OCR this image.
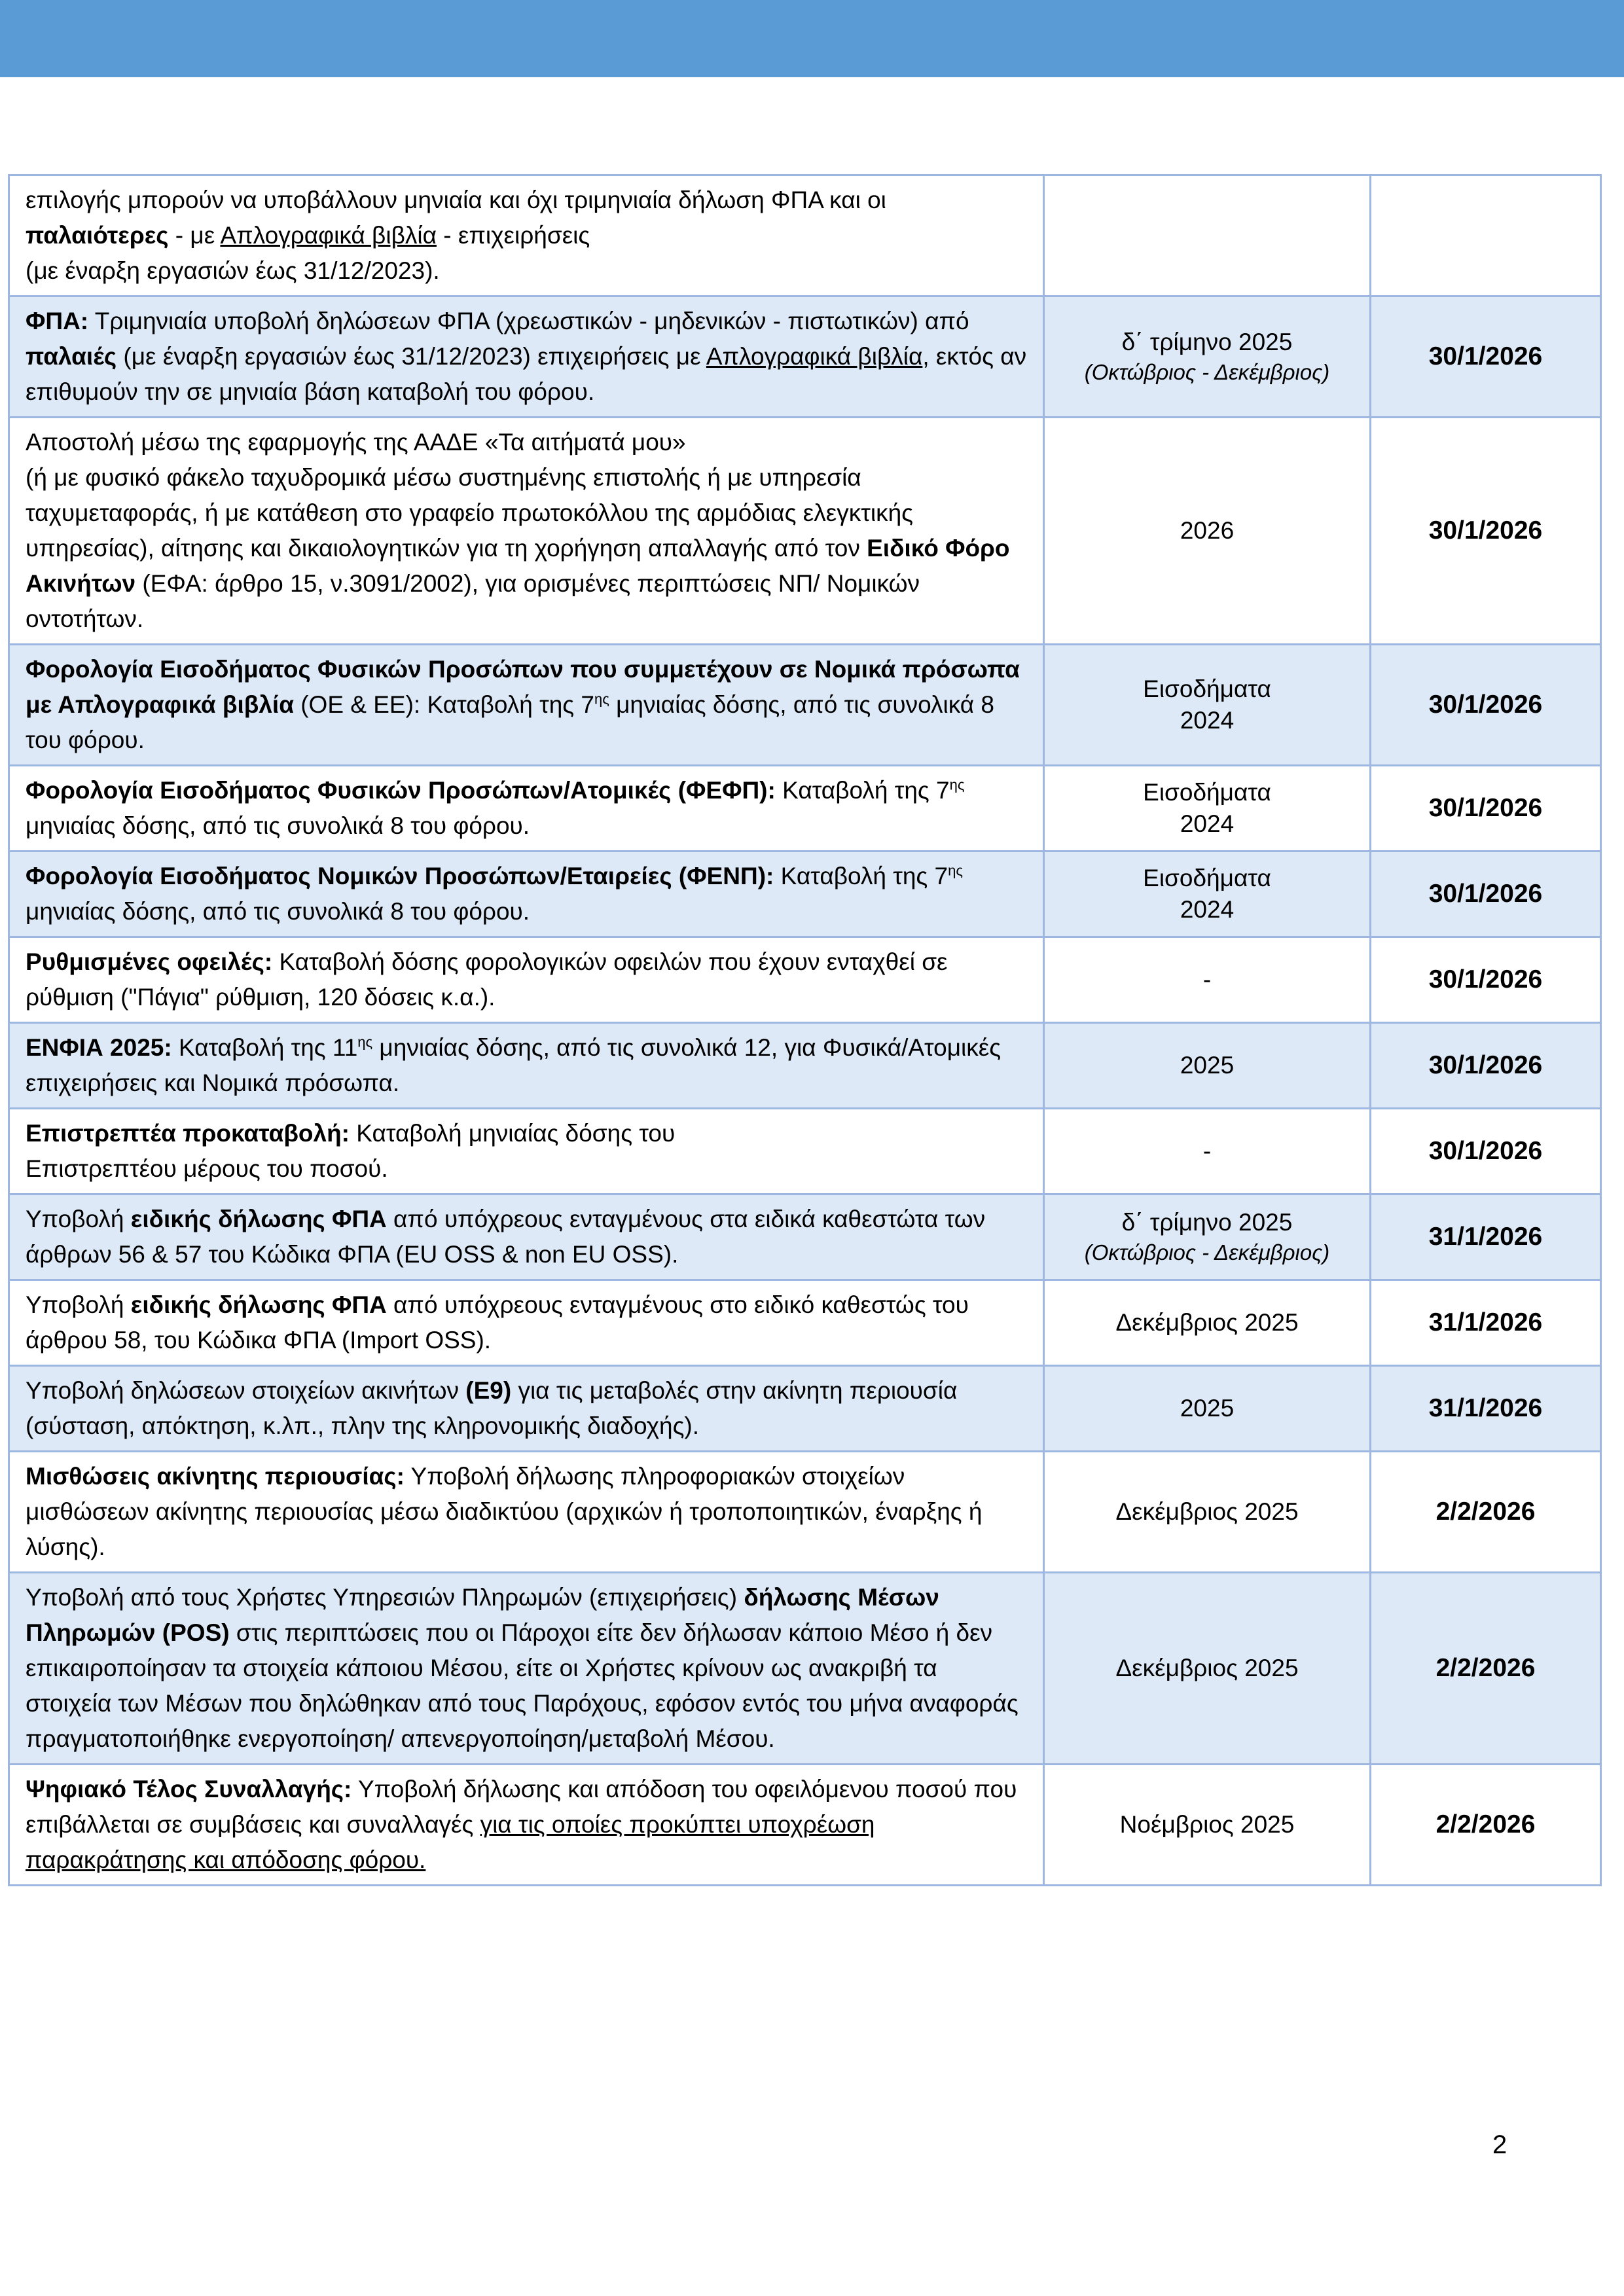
επιλογής μπορούν να υποβάλλουν μηνιαία και όχι τριμηνιαία δήλωση ΦΠΑ και οι παλαιότερες - με Απλογραφικά βιβλία - επιχειρήσεις
(με έναρξη εργασιών έως 31/12/2023).	

ΦΠΑ: Τριμηνιαία υποβολή δηλώσεων ΦΠΑ (χρεωστικών - μηδενικών - πιστωτικών) από παλαιές (με έναρξη εργασιών έως 31/12/2023) επιχειρήσεις με Απλογραφικά βιβλία, εκτός αν επιθυμούν την σε μηνιαία βάση καταβολή του φόρου.	δ΄ τρίμηνο 2025
(Οκτώβριος - Δεκέμβριος)	30/1/2026
Αποστολή μέσω της εφαρμογής της ΑΑΔΕ «Τα αιτήματά μου»
(ή με φυσικό φάκελο ταχυδρομικά μέσω συστημένης επιστολής ή με υπηρεσία ταχυμεταφοράς, ή με κατάθεση στο γραφείο πρωτοκόλλου της αρμόδιας ελεγκτικής υπηρεσίας), αίτησης και δικαιολογητικών για τη χορήγηση απαλλαγής από τον Ειδικό Φόρο Ακινήτων (ΕΦΑ: άρθρο 15, ν.3091/2002), για ορισμένες περιπτώσεις ΝΠ/ Νομικών οντοτήτων.	2026	30/1/2026
Φορολογία Εισοδήματος Φυσικών Προσώπων που συμμετέχουν σε Νομικά πρόσωπα με Απλογραφικά βιβλία (ΟΕ & ΕΕ): Καταβολή της $7^{\eta\varsigma}$ μηνιαίας δόσης, από τις συνολικά 8 του φόρου.	Εισοδήματα 2024	30/1/2026
Φορολογία Εισοδήματος Φυσικών Προσώπων/Ατομικές (ΦΕΦΠ): Καταβολή της $7^{\eta\varsigma}$ μηνιαίας δόσης, από τις συνολικά 8 του φόρου.	Εισοδήματα 2024	30/1/2026
Φορολογία Εισοδήματος Νομικών Προσώπων/Εταιρείες (ΦΕΝΠ): Καταβολή της $7^{\eta\varsigma}$ μηνιαίας δόσης, από τις συνολικά 8 του φόρου.	Εισοδήματα 2024	30/1/2026
Ρυθμισμένες οφειλές: Καταβολή δόσης φορολογικών οφειλών που έχουν ενταχθεί σε ρύθμιση ("Πάγια" ρύθμιση, 120 δόσεις κ.α.).	-	30/1/2026
ΕΝΦΙΑ 2025: Καταβολή της $11^{\eta\varsigma}$ μηνιαίας δόσης, από τις συνολικά 12, για Φυσικά/Ατομικές επιχειρήσεις και Νομικά πρόσωπα.	2025	30/1/2026
Επιστρεπτέα προκαταβολή: Καταβολή μηνιαίας δόσης του
Επιστρεπτέου μέρους του ποσού.	-	30/1/2026
Υποβολή ειδικής δήλωσης ΦΠΑ από υπόχρεους ενταγμένους στα ειδικά καθεστώτα των άρθρων 56 & 57 του Κώδικα ΦΠΑ (EU OSS & non EU OSS).	δ΄ τρίμηνο 2025
(Οκτώβριος - Δεκέμβριος)	31/1/2026
Υποβολή ειδικής δήλωσης ΦΠΑ από υπόχρεους ενταγμένους στο ειδικό καθεστώς του άρθρου 58, του Κώδικα ΦΠΑ (Import OSS).	Δεκέμβριος 2025	31/1/2026
Υποβολή δηλώσεων στοιχείων ακινήτων (Ε9) για τις μεταβολές στην ακίνητη περιουσία (σύσταση, απόκτηση, κ.λπ., πλην της κληρονομικής διαδοχής).	2025	31/1/2026
Μισθώσεις ακίνητης περιουσίας: Υποβολή δήλωσης πληροφοριακών στοιχείων μισθώσεων ακίνητης περιουσίας μέσω διαδικτύου (αρχικών ή τροποποιητικών, έναρξης ή λύσης).	Δεκέμβριος 2025	2/2/2026
Υποβολή από τους Χρήστες Υπηρεσιών Πληρωμών (επιχειρήσεις) δήλωσης Μέσων Πληρωμών (POS) στις περιπτώσεις που οι Πάροχοι είτε δεν δήλωσαν κάποιο Μέσο ή δεν επικαιροποίησαν τα στοιχεία κάποιου Μέσου, είτε οι Χρήστες κρίνουν ως ανακριβή τα στοιχεία των Μέσων που δηλώθηκαν από τους Παρόχους, εφόσον εντός του μήνα αναφοράς πραγματοποιήθηκε ενεργοποίηση/ απενεργοποίηση/μεταβολή Μέσου.	Δεκέμβριος 2025	2/2/2026
Ψηφιακό Τέλος Συναλλαγής: Υποβολή δήλωσης και απόδοση του οφειλόμενου ποσού που επιβάλλεται σε συμβάσεις και συναλλαγές για τις οποίες προκύπτει υποχρέωση παρακράτησης και απόδοσης φόρου.	Νοέμβριος 2025	2/2/2026
2
